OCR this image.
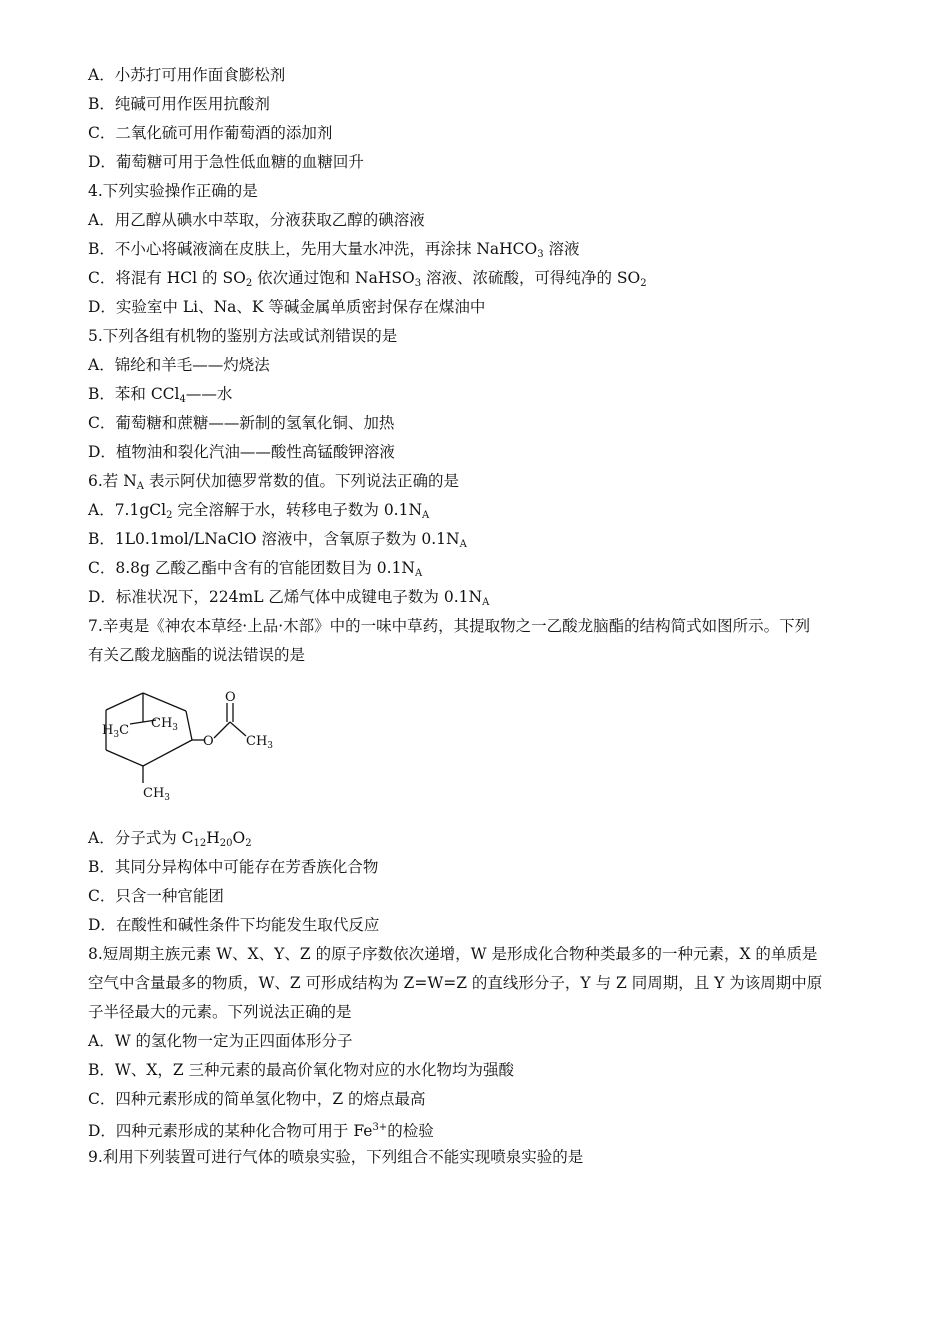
A．小苏打可用作面食膨松剂
B．纯碱可用作医用抗酸剂
C．二氧化硫可用作葡萄酒的添加剂
D．葡萄糖可用于急性低血糖的血糖回升
4.下列实验操作正确的是
A．用乙醇从碘水中萃取，分液获取乙醇的碘溶液
B．不小心将碱液滴在皮肤上，先用大量水冲洗，再涂抹 NaHCO$_3$ 溶液
C．将混有 HCl 的 $SO_2$ 依次通过饱和 NaHSO$_3$ 溶液、浓硫酸，可得纯净的 $SO_2$
D．实验室中 Li、Na、K 等碱金属单质密封保存在煤油中
5.下列各组有机物的鉴别方法或试剂错误的是
A．锦纶和羊毛——灼烧法
B．苯和 CCl$_4$——水
C．葡萄糖和蔗糖——新制的氢氧化铜、加热
D．植物油和裂化汽油——酸性高锰酸钾溶液
6.若 $N_A$ 表示阿伏加德罗常数的值。下列说法正确的是
A．7.1gCl$_2$ 完全溶解于水，转移电子数为 $0.1N_A$
B．1L0.1mol/LNaClO 溶液中，含氧原子数为 $0.1N_A$
C．8.8g 乙酸乙酯中含有的官能团数目为 $0.1N_A$
D．标准状况下，224mL 乙烯气体中成键电子数为 $0.1N_A$
7.辛夷是《神农本草经·上品·木部》中的一味中草药，其提取物之一乙酸龙脑酯的结构简式如图所示。下列
有关乙酸龙脑酯的说法错误的是
A．分子式为 $C_{12}H_{20}O_2$
B．其同分异构体中可能存在芳香族化合物
C．只含一种官能团
D．在酸性和碱性条件下均能发生取代反应
8.短周期主族元素 W、X、Y、Z 的原子序数依次递增，W 是形成化合物种类最多的一种元素，X 的单质是
空气中含量最多的物质，W、Z 可形成结构为 Z=W=Z 的直线形分子，Y 与 Z 同周期，且 Y 为该周期中原
子半径最大的元素。下列说法正确的是
A．W 的氢化物一定为正四面体形分子
B．W、X，Z 三种元素的最高价氧化物对应的水化物均为强酸
C．四种元素形成的简单氢化物中，Z 的熔点最高
D．四种元素形成的某种化合物可用于 $Fe^{3+}$的检验
9.利用下列装置可进行气体的喷泉实验，下列组合不能实现喷泉实验的是
$H_3C$ $CH_3$
O
O
$CH_3$
$CH_3$
